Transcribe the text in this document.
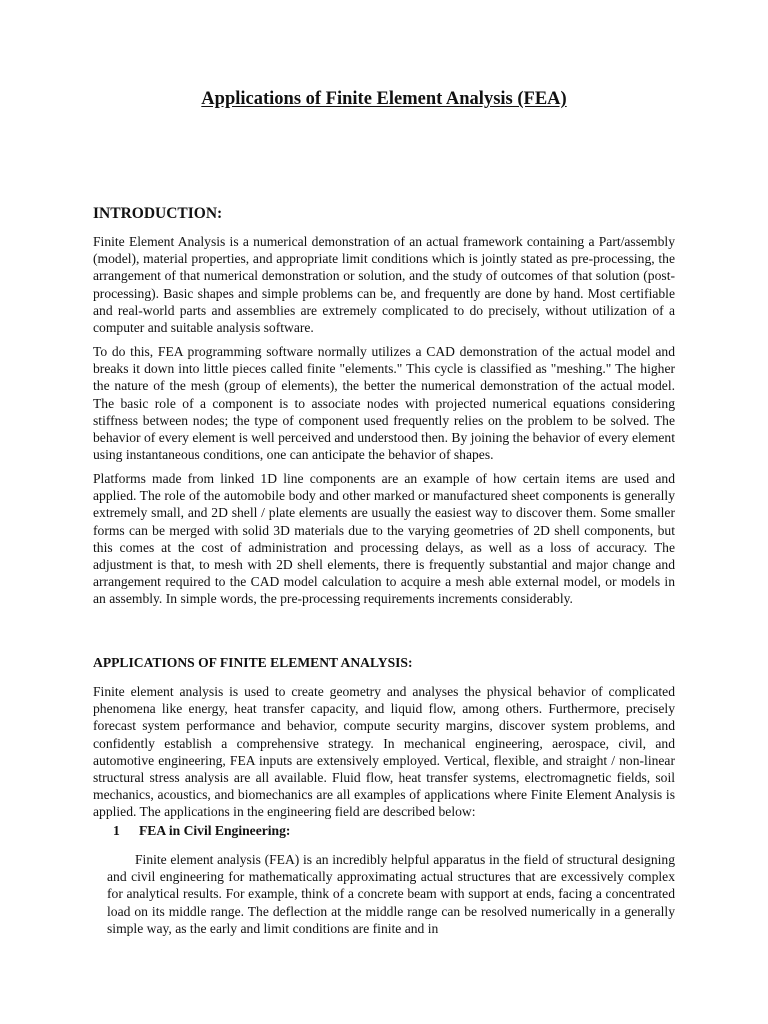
Applications of Finite Element Analysis (FEA)
INTRODUCTION:

Finite Element Analysis is a numerical demonstration of an actual framework containing a Part/assembly (model), material properties, and appropriate limit conditions which is jointly stated as pre-processing, the arrangement of that numerical demonstration or solution, and the study of outcomes of that solution (post-processing). Basic shapes and simple problems can be, and frequently are done by hand. Most certifiable and real-world parts and assemblies are extremely complicated to do precisely, without utilization of a computer and suitable analysis software.

To do this, FEA programming software normally utilizes a CAD demonstration of the actual model and breaks it down into little pieces called finite "elements." This cycle is classified as "meshing." The higher the nature of the mesh (group of elements), the better the numerical demonstration of the actual model. The basic role of a component is to associate nodes with projected numerical equations considering stiffness between nodes; the type of component used frequently relies on the problem to be solved. The behavior of every element is well perceived and understood then. By joining the behavior of every element using instantaneous conditions, one can anticipate the behavior of shapes.

Platforms made from linked 1D line components are an example of how certain items are used and applied. The role of the automobile body and other marked or manufactured sheet components is generally extremely small, and 2D shell / plate elements are usually the easiest way to discover them. Some smaller forms can be merged with solid 3D materials due to the varying geometries of 2D shell components, but this comes at the cost of administration and processing delays, as well as a loss of accuracy. The adjustment is that, to mesh with 2D shell elements, there is frequently substantial and major change and arrangement required to the CAD model calculation to acquire a mesh able external model, or models in an assembly. In simple words, the pre-processing requirements increments considerably.

APPLICATIONS OF FINITE ELEMENT ANALYSIS:

Finite element analysis is used to create geometry and analyses the physical behavior of complicated phenomena like energy, heat transfer capacity, and liquid flow, among others. Furthermore, precisely forecast system performance and behavior, compute security margins, discover system problems, and confidently establish a comprehensive strategy. In mechanical engineering, aerospace, civil, and automotive engineering, FEA inputs are extensively employed. Vertical, flexible, and straight / non-linear structural stress analysis are all available. Fluid flow, heat transfer systems, electromagnetic fields, soil mechanics, acoustics, and biomechanics are all examples of applications where Finite Element Analysis is applied. The applications in the engineering field are described below:

1 FEA in Civil Engineering:

Finite element analysis (FEA) is an incredibly helpful apparatus in the field of structural designing and civil engineering for mathematically approximating actual structures that are excessively complex for analytical results. For example, think of a concrete beam with support at ends, facing a concentrated load on its middle range. The deflection at the middle range can be resolved numerically in a generally simple way, as the early and limit conditions are finite and in
